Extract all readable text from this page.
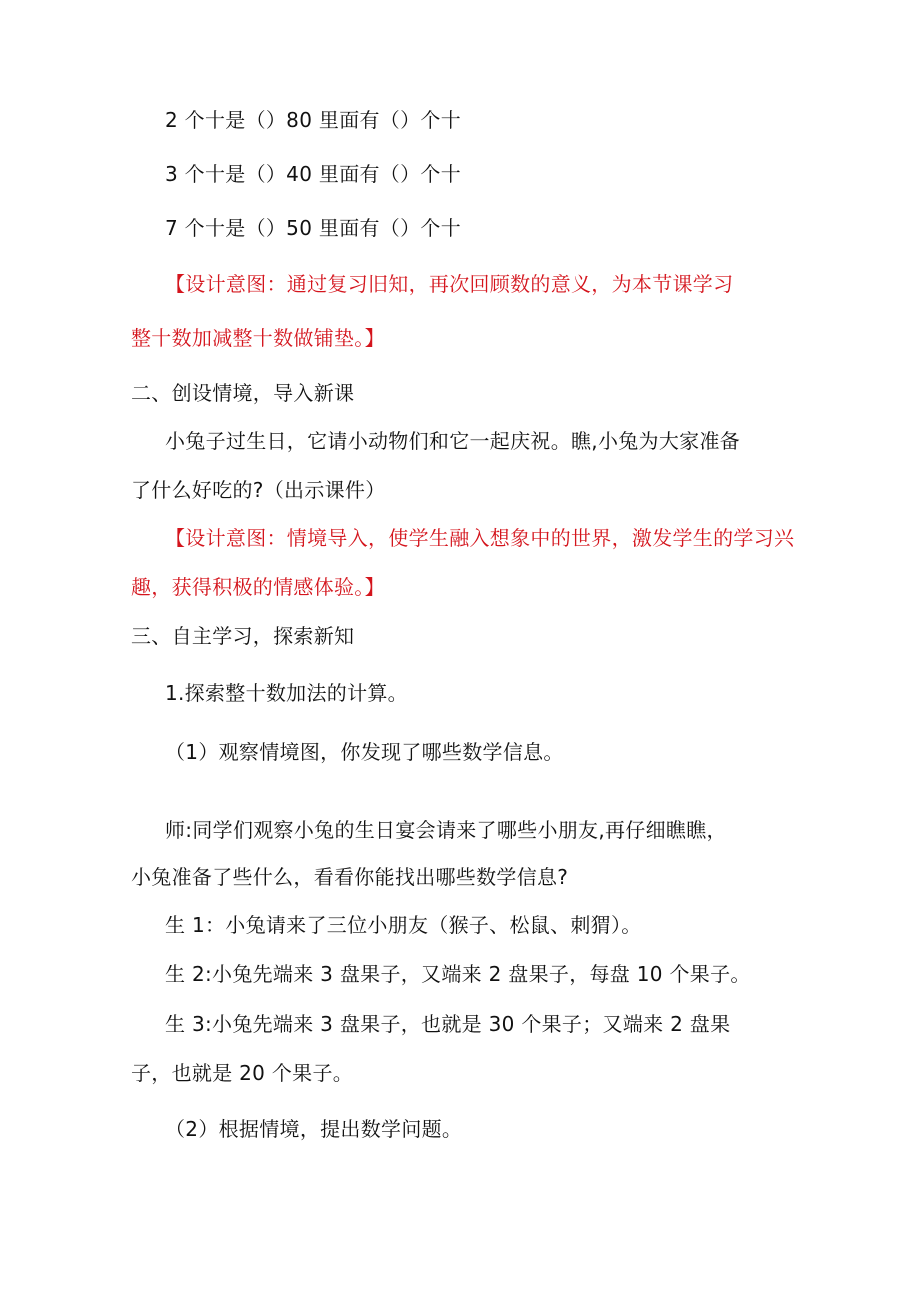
2 个十是（）80 里面有（）个十
3 个十是（）40 里面有（）个十
7 个十是（）50 里面有（）个十
【设计意图：通过复习旧知，再次回顾数的意义，为本节课学习
整十数加减整十数做铺垫。】
二、创设情境，导入新课
小兔子过生日，它请小动物们和它一起庆祝。瞧,小兔为大家准备
了什么好吃的?（出示课件）
【设计意图：情境导入，使学生融入想象中的世界，激发学生的学习兴
趣，获得积极的情感体验。】
三、自主学习，探索新知
1.探索整十数加法的计算。
（1）观察情境图，你发现了哪些数学信息。
师:同学们观察小兔的生日宴会请来了哪些小朋友,再仔细瞧瞧，
小兔准备了些什么，看看你能找出哪些数学信息?
生 1：小兔请来了三位小朋友（猴子、松鼠、刺猬）。
生 2:小兔先端来 3 盘果子，又端来 2 盘果子，每盘 10 个果子。
生 3:小兔先端来 3 盘果子，也就是 30 个果子；又端来 2 盘果
子，也就是 20 个果子。
（2）根据情境，提出数学问题。
